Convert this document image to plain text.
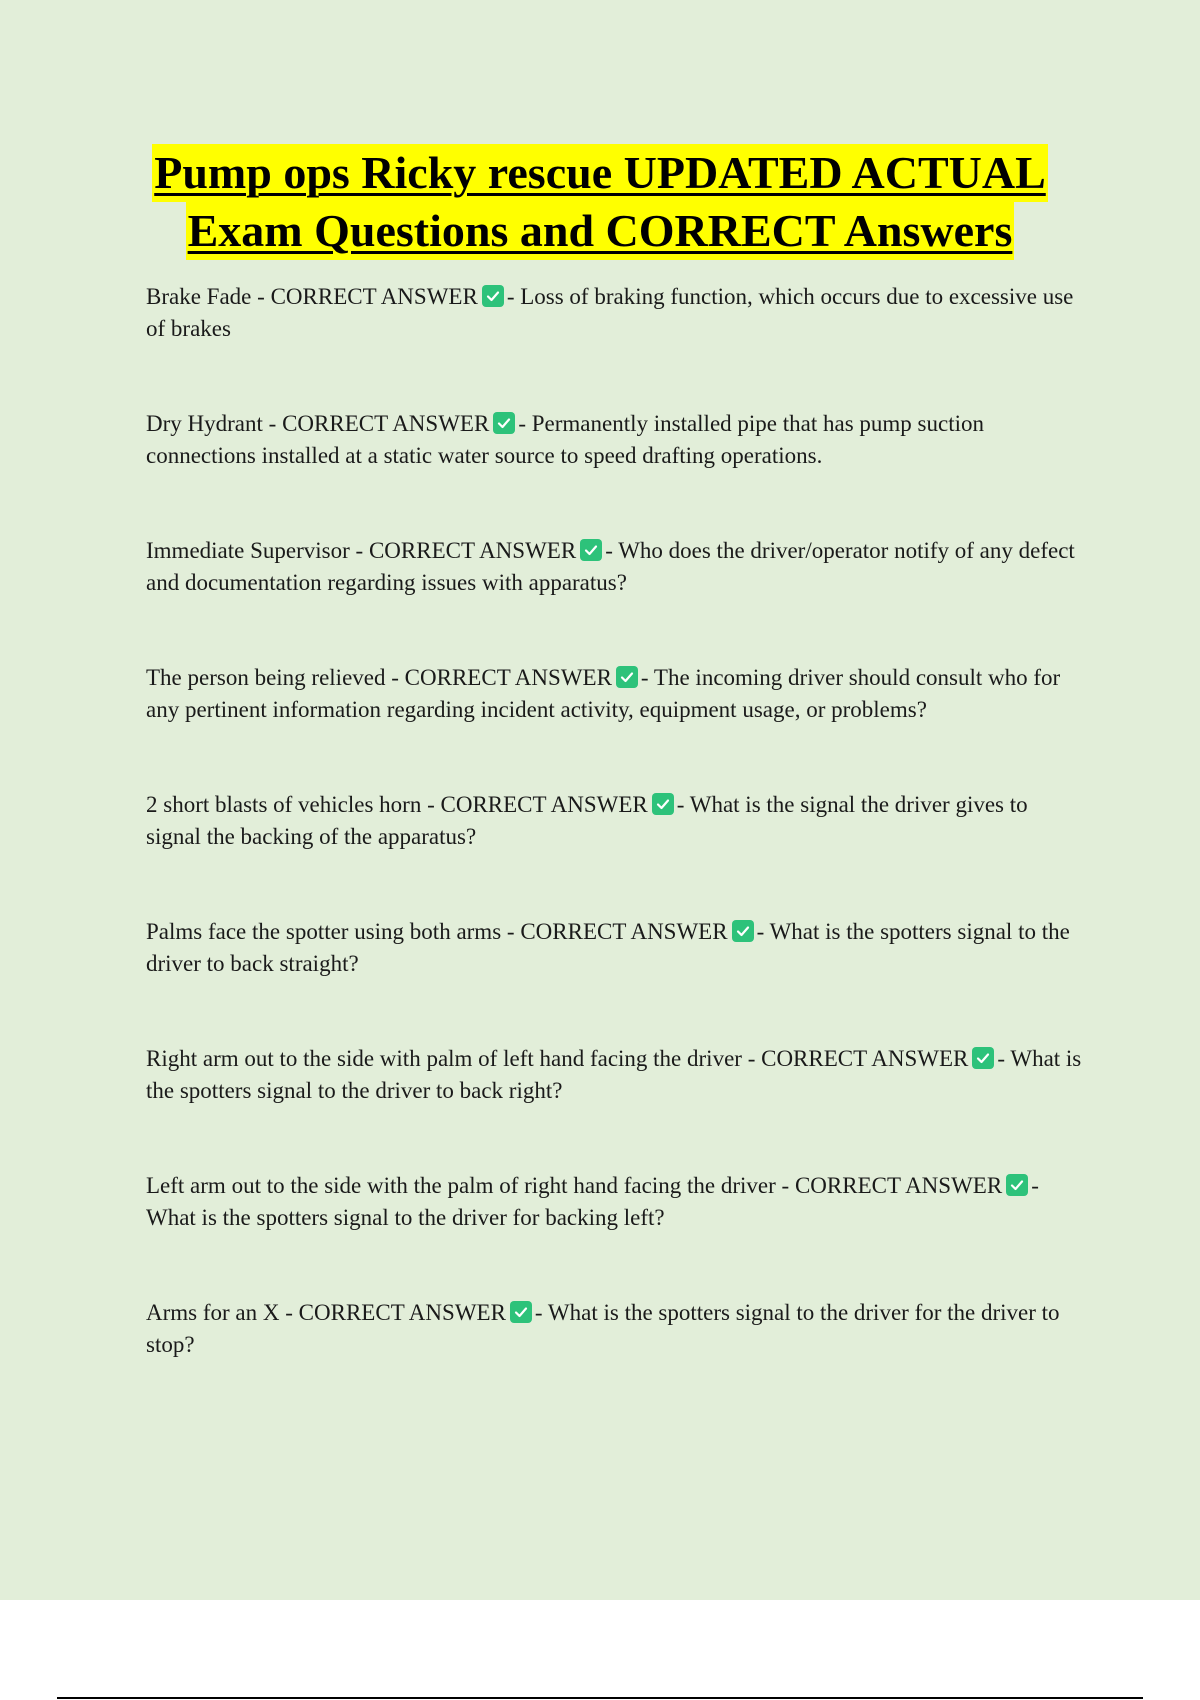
Pump ops Ricky rescue UPDATED ACTUAL
Exam Questions and CORRECT Answers

Brake Fade - CORRECT ANSWER - Loss of braking function, which occurs due to excessive use of brakes

Dry Hydrant - CORRECT ANSWER - Permanently installed pipe that has pump suction connections installed at a static water source to speed drafting operations.

Immediate Supervisor - CORRECT ANSWER - Who does the driver/operator notify of any defect and documentation regarding issues with apparatus?

The person being relieved - CORRECT ANSWER - The incoming driver should consult who for any pertinent information regarding incident activity, equipment usage, or problems?

2 short blasts of vehicles horn - CORRECT ANSWER - What is the signal the driver gives to signal the backing of the apparatus?

Palms face the spotter using both arms - CORRECT ANSWER - What is the spotters signal to the driver to back straight?

Right arm out to the side with palm of left hand facing the driver - CORRECT ANSWER - What is the spotters signal to the driver to back right?

Left arm out to the side with the palm of right hand facing the driver - CORRECT ANSWER - What is the spotters signal to the driver for backing left?

Arms for an X - CORRECT ANSWER - What is the spotters signal to the driver for the driver to stop?
